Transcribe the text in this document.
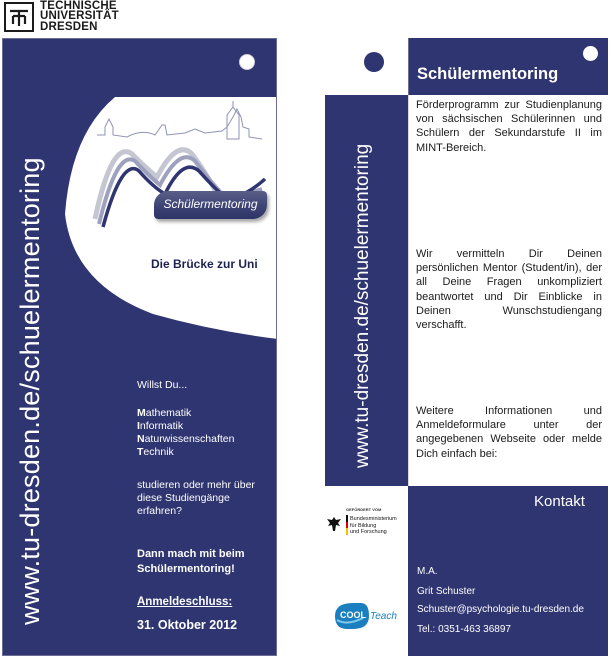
TECHNISCHE
UNIVERSITÄT
DRESDEN
www.tu-dresden.de/schuelermentoring	Schülermentoring
Die Brücke zur Uni
Willst Du...
Mathematik
Informatik
Naturwissenschaften
Technik
studieren oder mehr über diese Studiengänge erfahren?
Dann mach mit beim Schülermentoring!
Anmeldeschluss:
31. Oktober 2012
www.tu-dresden.de/schuelermentoring
Schülermentoring
Förderprogramm zur Studienplanung von sächsischen Schülerinnen und Schülern der Sekundarstufe II im MINT-Bereich.
Wir vermitteln Dir Deinen persönlichen Mentor (Student/in), der all Deine Fragen unkompliziert beantwortet und Dir Einblicke in Deinen Wunschstudiengang verschafft.
Weitere Informationen und Anmeldeformulare unter der angegebenen Webseite oder melde Dich einfach bei:
Kontakt
M.A.
Grit Schuster
Schuster@psychologie.tu-dresden.de
Tel.: 0351-463 36897
GEFÖRDERT VOM
Bundesministerium
für Bildung
und Forschung
COOL Teach
